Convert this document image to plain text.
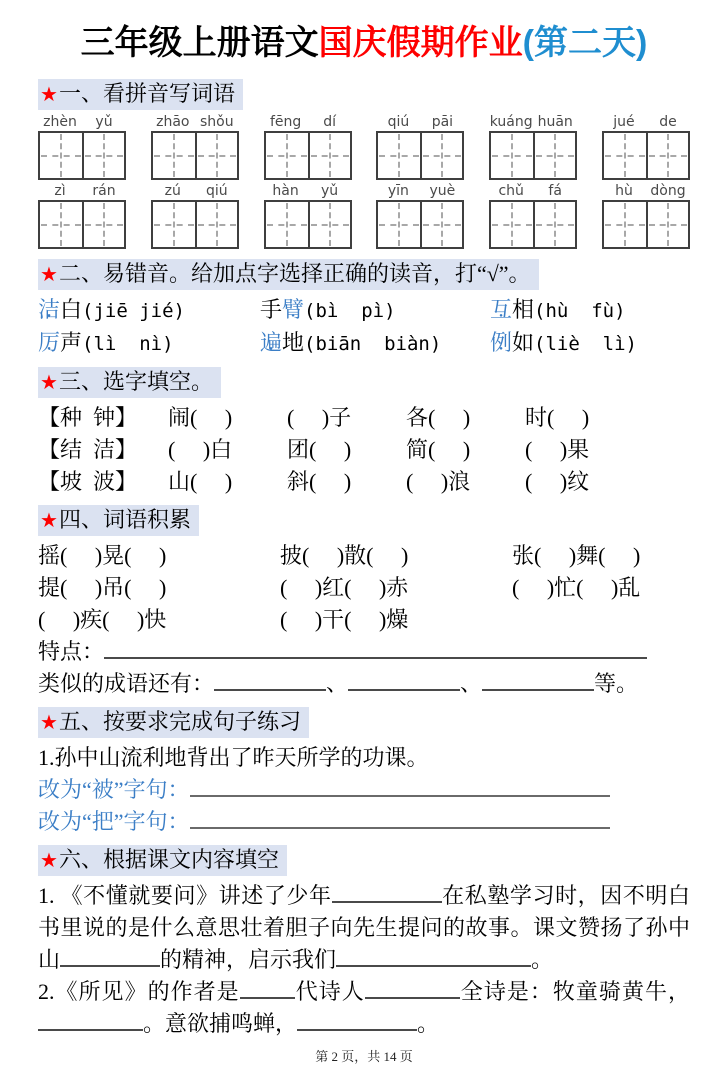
三年级上册语文国庆假期作业(第二天)
★一、看拼音写词语
zhèn	yǔ	zhāo shǒu	fēng	dí	qiú	pāi	kuáng huān	jué	de
zì	rán	zú	qiú	hàn	yǔ	yīn	yuè	chǔ	fá	hù	dòng
★二、易错音。给加点字选择正确的读音，打“√”。
洁 ●白(jiē jié)	手臂 ●(bì  pì)	互 ●相(hù  fù)
厉 ●声(lì  nì)	遍 ●地(biān  biàn)	例 ●如(liè  lì)
★三、选字填空。
【种  钟】	闹(     )	(     )子	各(     )	时(     )
【结  洁】	(     )白	团(     )	简(     )	(     )果
【坡  波】	山(     )	斜(     )	(     )浪	(     )纹
★四、词语积累
摇(     )晃(     )	披(     )散(     )	张(     )舞(     )
提(     )吊(     )	(     )红(     )赤	(     )忙(     )乱
(     )疾(     )快	(     )干(     )燥
特点：
类似的成语还有：	、	、	等。
★五、按要求完成句子练习
1.孙中山流利地背出了昨天所学的功课。
改为“被”字句：
改为“把”字句：
★六、根据课文内容填空

1. 《不懂就要问》讲述了少年	在私塾学习时，因不明白书里说的是什么意思壮着胆子向先生提问的故事。课文赞扬了孙中山	的精神，启示我们	。

2.《所见》的作者是	代诗人	全诗是：牧童骑黄牛，。意欲捕鸣蝉，	。

第 2 页，共 14 页
